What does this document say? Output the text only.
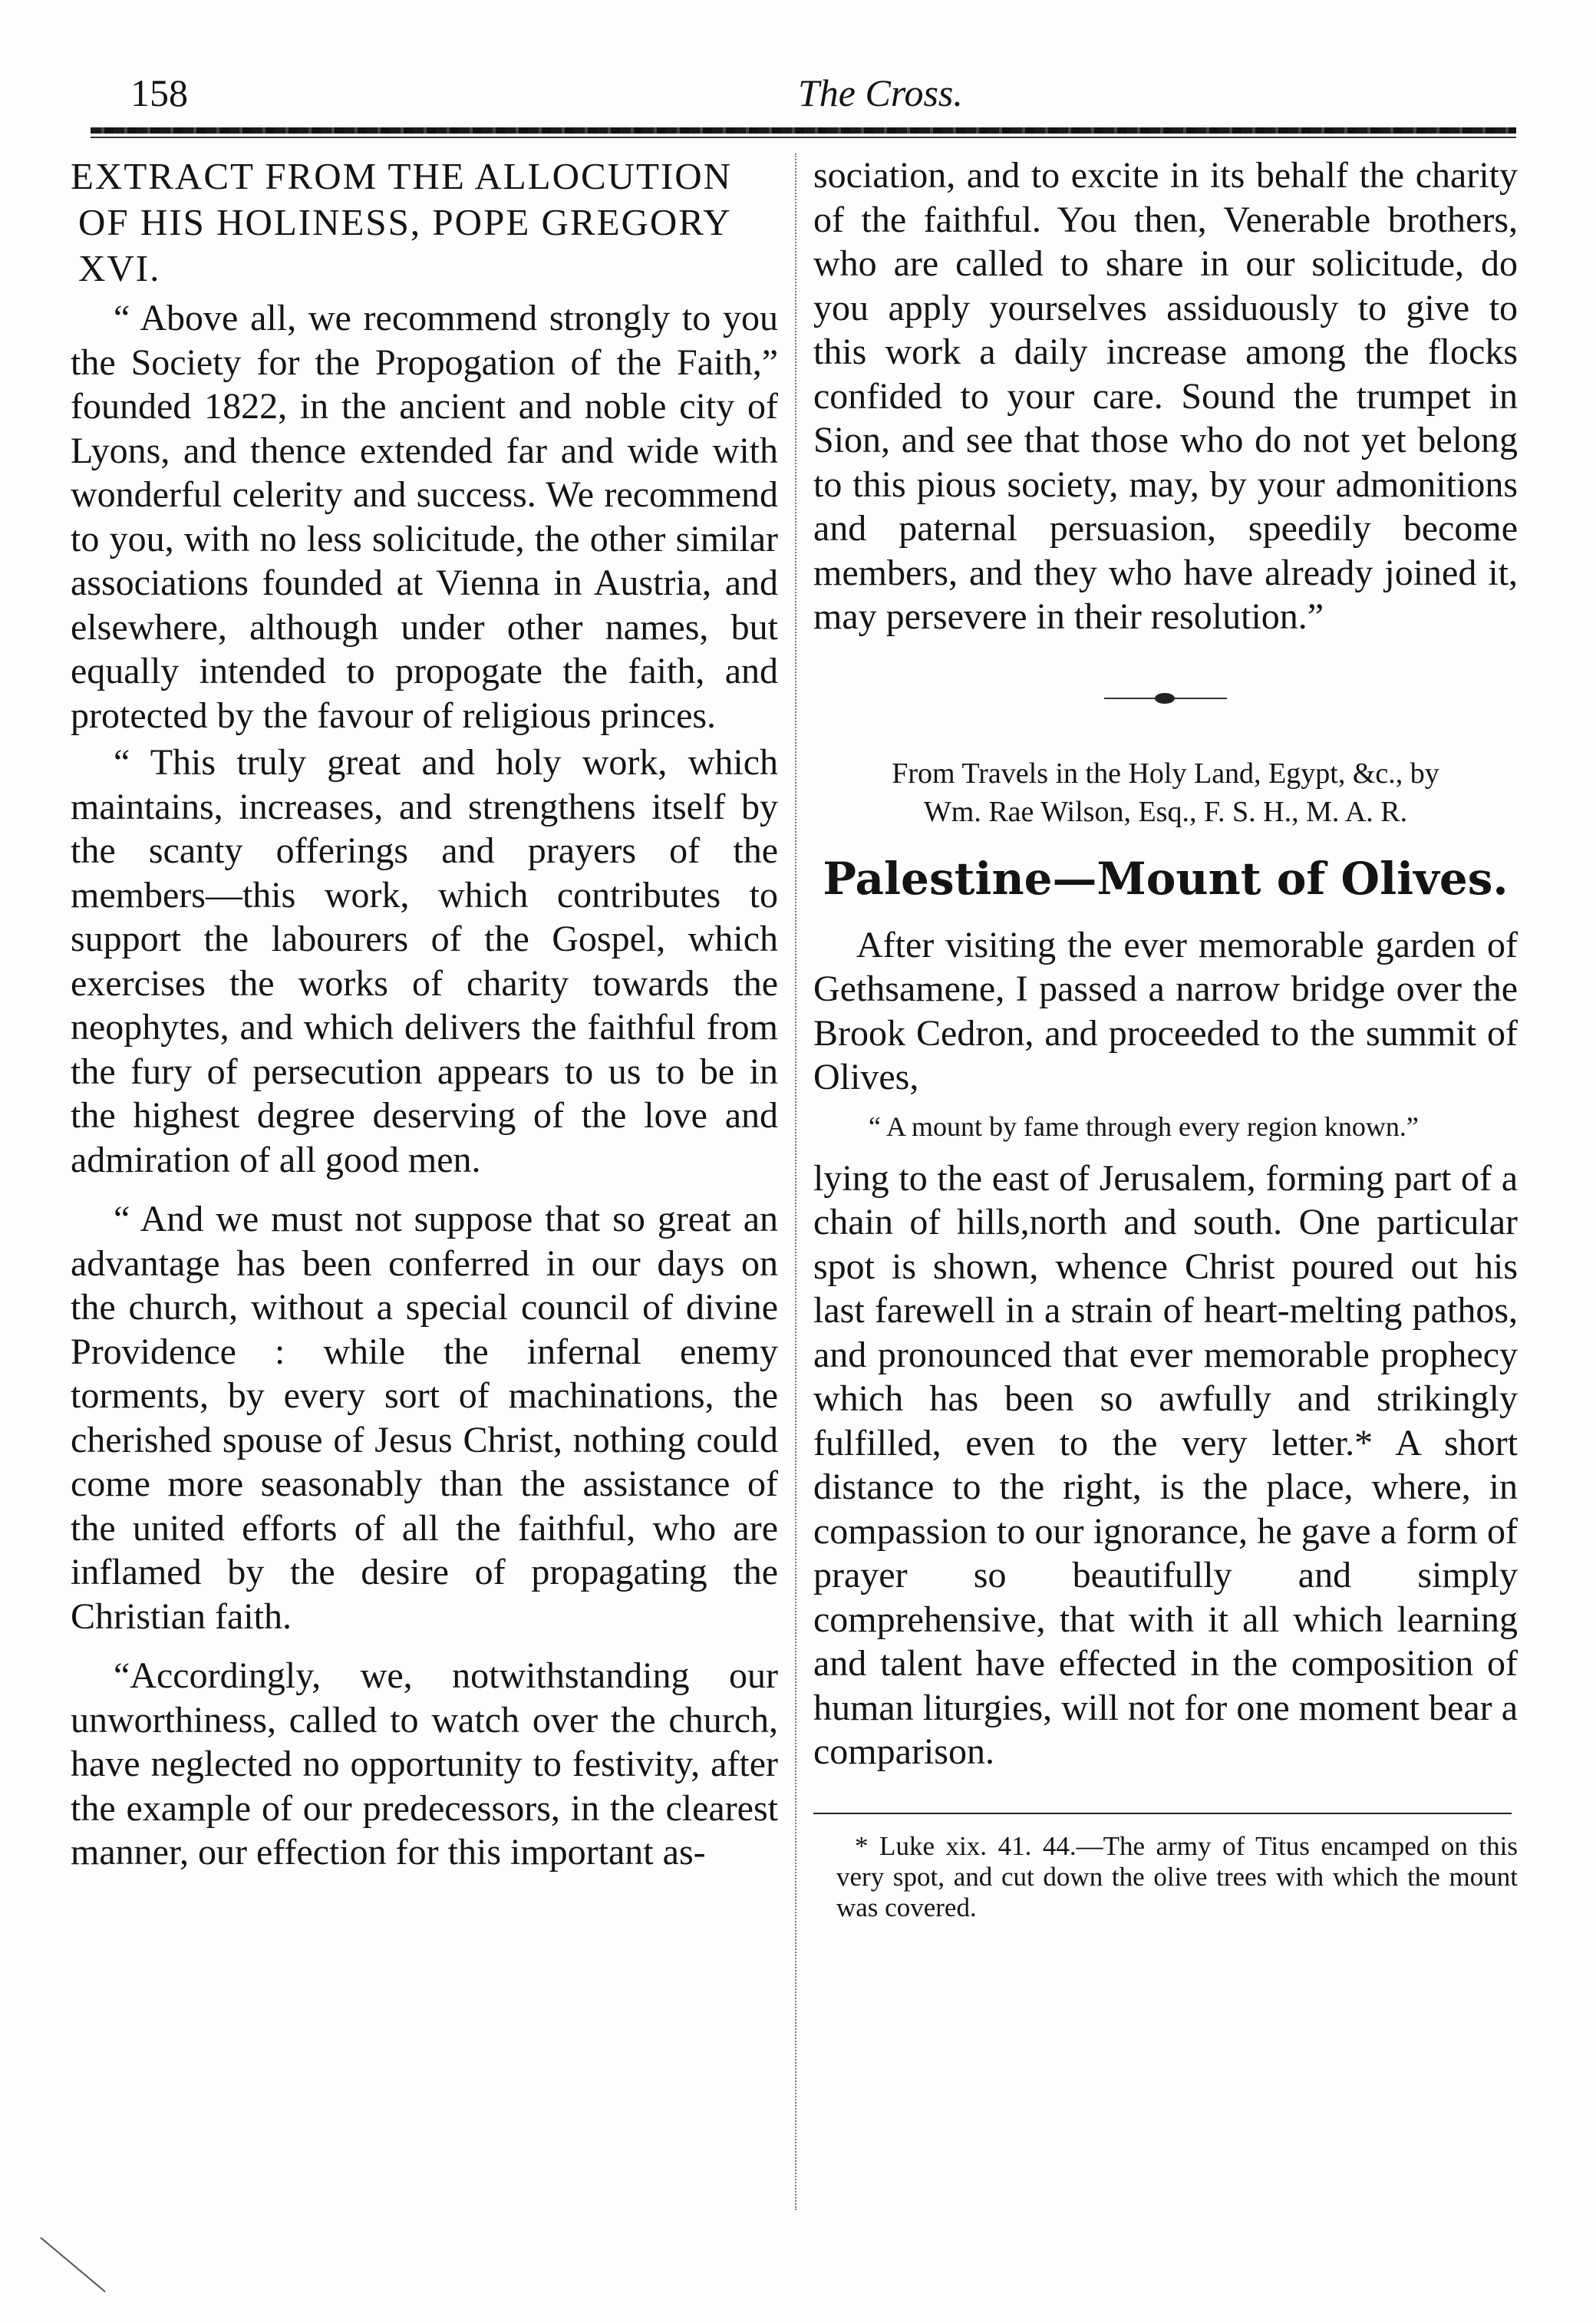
158	The Cross.
EXTRACT FROM THE ALLOCUTION OF HIS HOLINESS, POPE GREGORY XVI.

“ Above all, we recommend strongly to you the Society for the Propogation of the Faith,” founded 1822, in the ancient and noble city of Lyons, and thence extended far and wide with wonderful celerity and success. We recommend to you, with no less solicitude, the other similar associations founded at Vienna in Austria, and elsewhere, although under other names, but equally intended to propogate the faith, and protected by the favour of religious princes.

“ This truly great and holy work, which maintains, increases, and strengthens itself by the scanty offerings and prayers of the members—this work, which contributes to support the labourers of the Gospel, which exercises the works of charity towards the neophytes, and which delivers the faithful from the fury of persecution appears to us to be in the highest degree deserving of the love and admiration of all good men.

“ And we must not suppose that so great an advantage has been conferred in our days on the church, without a special council of divine Providence : while the infernal enemy torments, by every sort of machinations, the cherished spouse of Jesus Christ, nothing could come more seasonably than the assistance of the united efforts of all the faithful, who are inflamed by the desire of propagating the Christian faith.

“Accordingly, we, notwithstanding our unworthiness, called to watch over the church, have neglected no opportunity to festivity, after the example of our predecessors, in the clearest manner, our effection for this important as-

sociation, and to excite in its behalf the charity of the faithful. You then, Venerable brothers, who are called to share in our solicitude, do you apply yourselves assiduously to give to this work a daily increase among the flocks confided to your care. Sound the trumpet in Sion, and see that those who do not yet belong to this pious society, may, by your admonitions and paternal persuasion, speedily become members, and they who have already joined it, may persevere in their resolution.”

From Travels in the Holy Land, Egypt, &c., by

Wm. Rae Wilson, Esq., F. S. H., M. A. R.

Palestine—Mount of Olives.

After visiting the ever memorable garden of Gethsamene, I passed a narrow bridge over the Brook Cedron, and proceeded to the summit of Olives,

“ A mount by fame through every region known.”

lying to the east of Jerusalem, forming part of a chain of hills,north and south. One particular spot is shown, whence Christ poured out his last farewell in a strain of heart-melting pathos, and pronounced that ever memorable prophecy which has been so awfully and strikingly fulfilled, even to the very letter.* A short distance to the right, is the place, where, in compassion to our ignorance, he gave a form of prayer so beautifully and simply comprehensive, that with it all which learning and talent have effected in the composition of human liturgies, will not for one moment bear a comparison.

* Luke xix. 41. 44.—The army of Titus encamped on this very spot, and cut down the olive trees with which the mount was covered.
